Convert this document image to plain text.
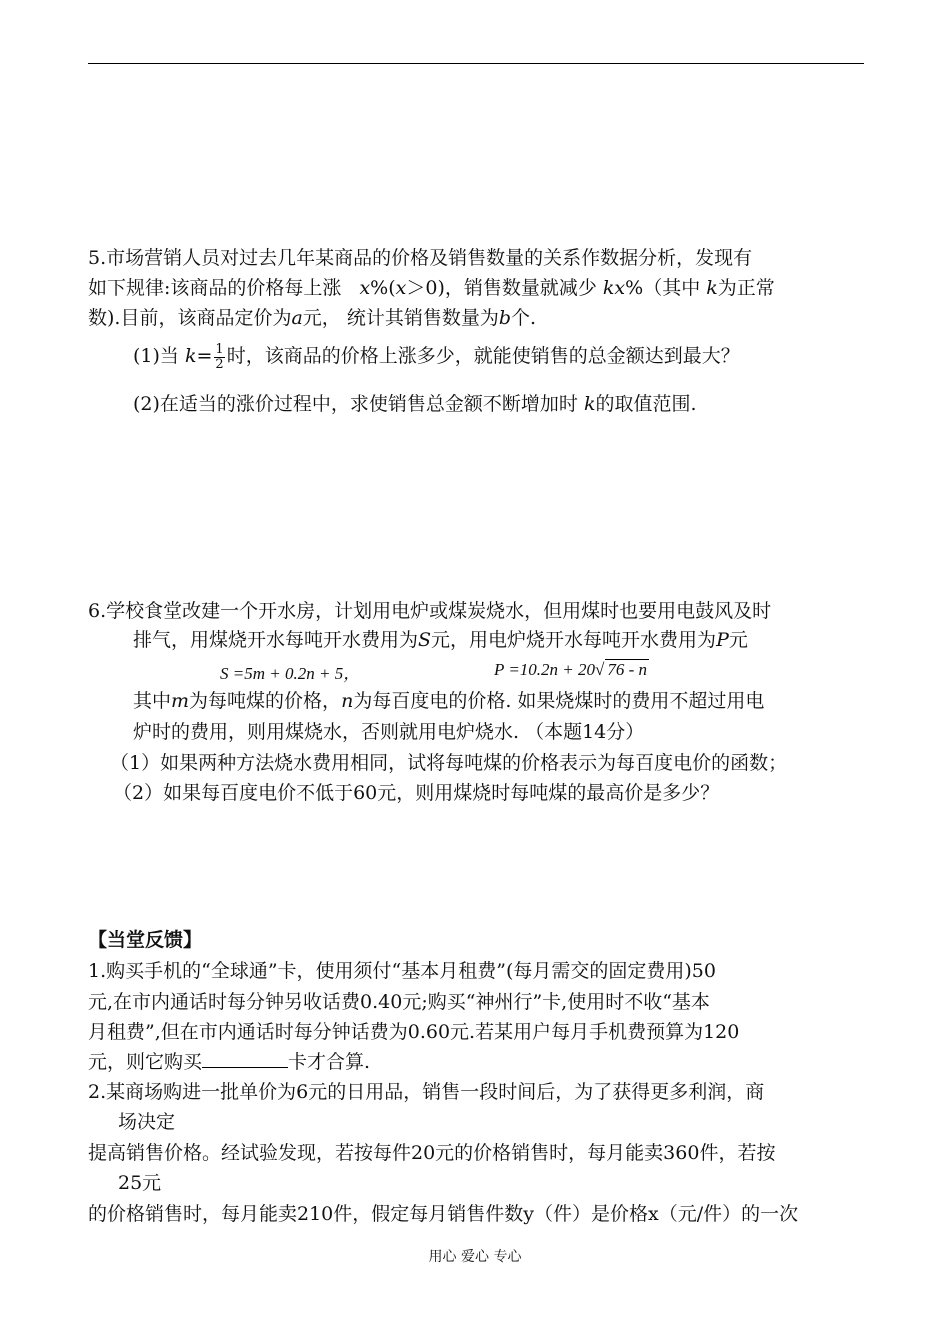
5.市场营销人员对过去几年某商品的价格及销售数量的关系作数据分析，发现有
如下规律:该商品的价格每上涨 x%(x＞0)，销售数量就减少 kx%（其中 k为正常
数).目前，该商品定价为a元， 统计其销售数量为b个.
(1)当 $k= \frac{1}{2}$ 时，该商品的价格上涨多少，就能使销售的总金额达到最大？
(2)在适当的涨价过程中，求使销售总金额不断增加时 k的取值范围.
6.学校食堂改建一个开水房，计划用电炉或煤炭烧水，但用煤时也要用电鼓风及时
排气，用煤烧开水每吨开水费用为S元，用电炉烧开水每吨开水费用为P元
S =5m + 0.2n + 5，	P =10.2n + 20√ 76 - n
其中m为每吨煤的价格，n为每百度电的价格. 如果烧煤时的费用不超过用电
炉时的费用，则用煤烧水，否则就用电炉烧水. （本题14分）
（1）如果两种方法烧水费用相同，试将每吨煤的价格表示为每百度电价的函数；
（2）如果每百度电价不低于60元，则用煤烧时每吨煤的最高价是多少？
【当堂反馈】
1.购买手机的“全球通”卡，使用须付“基本月租费”(每月需交的固定费用)50
元,在市内通话时每分钟另收话费0.40元;购买“神州行”卡,使用时不收“基本
月租费”,但在市内通话时每分钟话费为0.60元.若某用户每月手机费预算为120
元，则它购买	卡才合算.
2.某商场购进一批单价为6元的日用品，销售一段时间后，为了获得更多利润，商
场决定
提高销售价格。经试验发现，若按每件20元的价格销售时，每月能卖360件，若按
25元
的价格销售时，每月能卖210件，假定每月销售件数y（件）是价格x（元/件）的一次
用心 爱心 专心
